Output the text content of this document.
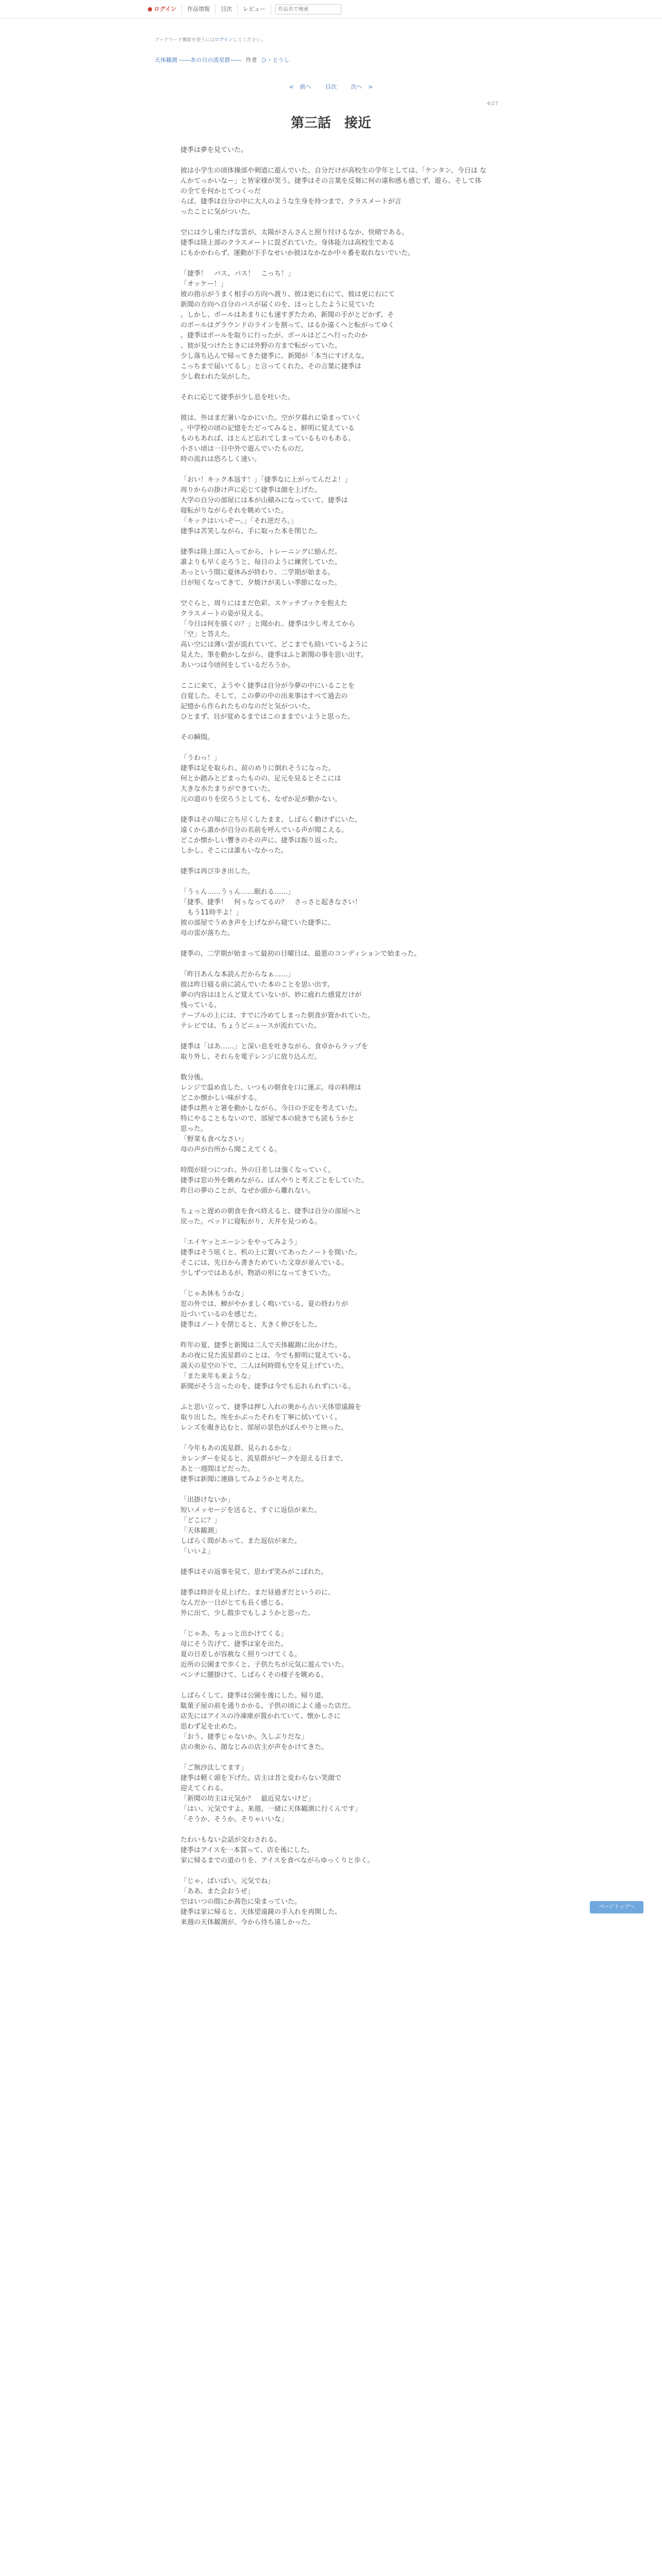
● ログイン	作品情報	目次	レビュー
作品名で検索
ブックマーク機能を使うにはログインしてください。
天体観測 ――あの日の流星群―― 作者 ひ・とうし
< 前へ	目次	次へ >
4/27
第三話　接近
捷季は夢を見ていた。
彼は小学生の頃体操部や剣道に遊んでいた。自分だけが高校生の学年としては、「ケンタン、今日は なんかてっかいなー」と皆家様が笑う。捷季はその言葉を反芻に何の違和感も感じず、遊ら、そして体の全てを何かとてつくっだ
らば、捷季は自分の中に大人のような生身を持つまで、クラスメートが言
ったことに気がついた。
空には少し重たげな雲が、太陽がさんさんと照り付けるなか、快晴である。
捷季は陸上部のクラスメートに混ざれていた。身体能力は高校生である
にもかかわらず、運動が下手なせいか彼はなかなか中々番を取れないでいた。
「捷季！　パス、パス！　こっち！」
「オッケー！」
彼の指示がうまく相手の方向へ渡り、彼は更に右にて、彼は更に右にて
新聞の方向へ自分のパスが届くのを、ほっとしたように見ていた
。しかし、ボールはあまりにも速すぎたため、新聞の手がとどかず、そ
のボールはグラウンドのラインを割って、はるか遠くへと転がってゆく
。捷季はボールを取りに行ったが、ボールはどこへ行ったのか
、彼が見つけたときには外野の方まで転がっていた。
少し落ち込んで帰ってきた捷季に、新聞が「本当にすげえな。
こっちまで届いてるし」と言ってくれた。その言葉に捷季は
少し救われた気がした。
それに応じて捷季が少し息を吐いた。
彼は、外はまだ暑いなかにいた。空が夕暮れに染まっていく
。中学校の頃の記憶をたどってみると、鮮明に覚えている
ものもあれば、ほとんど忘れてしまっているものもある。
小さい頃は一日中外で遊んでいたものだ。
時の流れは恐ろしく速い。
「おい！キック本返す！」「捷季なに上がってんだよ！」
周りからの掛け声に応じて捷季は顔を上げた。
大学の自分の部屋には本が山積みになっていて、捷季は
寝転がりながらそれを眺めていた。
「キックはいいぞー。」「それ逆だろ。」
捷季は苦笑しながら、手に取った本を閉じた。
捷季は陸上部に入ってから、トレーニングに励んだ。
誰よりも早く走ろうと、毎日のように練習していた。
あっという間に夏休みが終わり、二学期が始まる。
日が短くなってきて、夕焼けが美しい季節になった。
空ぐらと、周りにはまだ色彩、スケッチブックを抱えた
クラスメートの姿が見える。
「今日は何を描くの？」と聞かれ、捷季は少し考えてから
「空」と答えた。
高い空には薄い雲が流れていて、どこまでも続いているように
見えた。筆を動かしながら、捷季はふと新聞の事を思い出す。
あいつは今頃何をしているだろうか。
ここに来て、ようやく捷季は自分が今夢の中にいることを
自覚した。そして、この夢の中の出来事はすべて過去の
記憶から作られたものなのだと気がついた。
ひとまず、目が覚めるまではこのままでいようと思った。
その瞬間。
「うわっ！」
捷季は足を取られ、前のめりに倒れそうになった。
何とか踏みとどまったものの、足元を見るとそこには
大きな水たまりができていた。
元の道のりを戻ろうとしても、なぜか足が動かない。
捷季はその場に立ち尽くしたまま、しばらく動けずにいた。
遠くから誰かが自分の名前を呼んでいる声が聞こえる。
どこか懐かしい響きのその声に、捷季は振り返った。
しかし、そこには誰もいなかった。
捷季は再び歩き出した。
「うぅん……うぅん……眠れる……」
「捷季、捷季！　何ぅなってるの？　さっさと起きなさい！
　もう11時半よ！」
彼の部屋でうめき声を上げながら寝ていた捷季に、
母の雷が落ちた。
捷季の、二学期が始まって最初の日曜日は、最悪のコンディションで始まった。
「昨日あんな本読んだからなぁ……」
彼は昨日寝る前に読んでいた本のことを思い出す。
夢の内容はほとんど覚えていないが、妙に疲れた感覚だけが
残っている。
テーブルの上には、すでに冷めてしまった朝食が置かれていた。
テレビでは、ちょうどニュースが流れていた。
捷季は「はあ……」と深い息を吐きながら、食卓からラップを
取り外し、それらを電子レンジに放り込んだ。
数分後。
レンジで温め直した、いつもの朝食を口に運ぶ。母の料理は
どこか懐かしい味がする。
捷季は黙々と箸を動かしながら、今日の予定を考えていた。
特にやることもないので、部屋で本の続きでも読もうかと
思った。
「野菜も食べなさい」
母の声が台所から聞こえてくる。
時間が経つにつれ、外の日差しは強くなっていく。
捷季は窓の外を眺めながら、ぼんやりと考えごとをしていた。
昨日の夢のことが、なぜか頭から離れない。
ちょっと遅めの朝食を食べ終えると、捷季は自分の部屋へと
戻った。ベッドに寝転がり、天井を見つめる。
「エイヤッとエーシンをやってみよう」
捷季はそう呟くと、机の上に置いてあったノートを開いた。
そこには、先日から書きためていた文章が並んでいる。
少しずつではあるが、物語の形になってきていた。
「じゃあ休もうかな」
窓の外では、蝉がやかましく鳴いている。夏の終わりが
近づいているのを感じた。
捷季はノートを閉じると、大きく伸びをした。
昨年の夏、捷季と新聞は二人で天体観測に出かけた。
あの夜に見た流星群のことは、今でも鮮明に覚えている。
満天の星空の下で、二人は何時間も空を見上げていた。
「また来年も来ような」
新聞がそう言ったのを、捷季は今でも忘れられずにいる。
ふと思い立って、捷季は押し入れの奥から古い天体望遠鏡を
取り出した。埃をかぶったそれを丁寧に拭いていく。
レンズを覗き込むと、部屋の景色がぼんやりと映った。
「今年もあの流星群、見られるかな」
カレンダーを見ると、流星群がピークを迎える日まで、
あと一週間ほどだった。
捷季は新聞に連絡してみようかと考えた。
「出掛けないか」
短いメッセージを送ると、すぐに返信が来た。
「どこに？」
「天体観測」
しばらく間があって、また返信が来た。
「いいよ」
捷季はその返事を見て、思わず笑みがこぼれた。
捷季は時計を見上げた。まだ昼過ぎだというのに、
なんだか一日がとても長く感じる。
外に出て、少し散歩でもしようかと思った。
「じゃあ、ちょっと出かけてくる」
母にそう告げて、捷季は家を出た。
夏の日差しが容赦なく照りつけてくる。
近所の公園まで歩くと、子供たちが元気に遊んでいた。
ベンチに腰掛けて、しばらくその様子を眺める。
しばらくして、捷季は公園を後にした。帰り道、
駄菓子屋の前を通りかかる。子供の頃によく通った店だ。
店先にはアイスの冷凍庫が置かれていて、懐かしさに
思わず足を止めた。
「おう、捷季じゃないか。久しぶりだな」
店の奥から、顔なじみの店主が声をかけてきた。
「ご無沙汰してます」
捷季は軽く頭を下げた。店主は昔と変わらない笑顔で
迎えてくれる。
「新聞の坊主は元気か？　最近見ないけど」
「はい、元気ですよ。来週、一緒に天体観測に行くんです」
「そうか、そうか。そりゃいいな」
たわいもない会話が交わされる。
捷季はアイスを一本買って、店を後にした。
家に帰るまでの道のりを、アイスを食べながらゆっくりと歩く。
「じゃ、ばいばい。元気でね」
「ああ、また会おうぜ」
空はいつの間にか茜色に染まっていた。
捷季は家に帰ると、天体望遠鏡の手入れを再開した。
来週の天体観測が、今から待ち遠しかった。
ページトップへ
